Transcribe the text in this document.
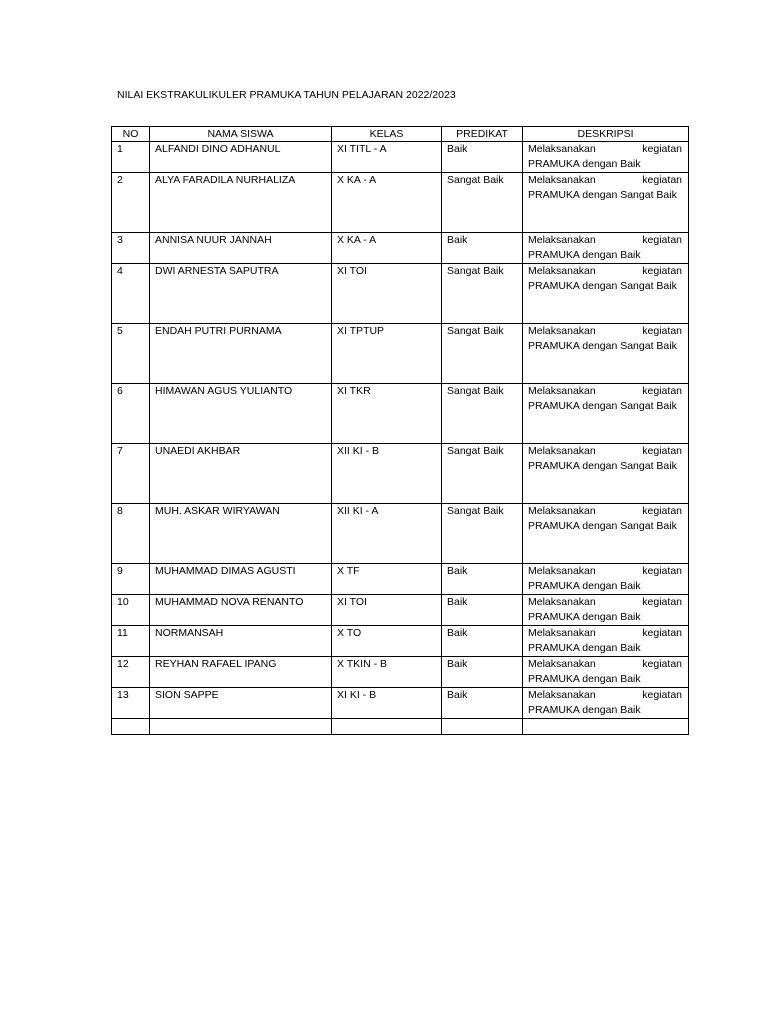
NILAI EKSTRAKULIKULER PRAMUKA TAHUN PELAJARAN 2022/2023
NO	NAMA SISWA	KELAS	PREDIKAT	DESKRIPSI
1	ALFANDI DINO ADHANUL	XI TITL - A	Baik	Melaksanakan kegiatan PRAMUKA dengan Baik
2	ALYA FARADILA NURHALIZA	X KA - A	Sangat Baik	Melaksanakan kegiatan PRAMUKA dengan Sangat Baik
3	ANNISA NUUR JANNAH	X KA - A	Baik	Melaksanakan kegiatan PRAMUKA dengan Baik
4	DWI ARNESTA SAPUTRA	XI TOI	Sangat Baik	Melaksanakan kegiatan PRAMUKA dengan Sangat Baik
5	ENDAH PUTRI PURNAMA	XI TPTUP	Sangat Baik	Melaksanakan kegiatan PRAMUKA dengan Sangat Baik
6	HIMAWAN AGUS YULIANTO	XI TKR	Sangat Baik	Melaksanakan kegiatan PRAMUKA dengan Sangat Baik
7	UNAEDI AKHBAR	XII KI - B	Sangat Baik	Melaksanakan kegiatan PRAMUKA dengan Sangat Baik
8	MUH. ASKAR WIRYAWAN	XII KI - A	Sangat Baik	Melaksanakan kegiatan PRAMUKA dengan Sangat Baik
9	MUHAMMAD DIMAS AGUSTI	X TF	Baik	Melaksanakan kegiatan PRAMUKA dengan Baik
10	MUHAMMAD NOVA RENANTO	XI TOI	Baik	Melaksanakan kegiatan PRAMUKA dengan Baik
11	NORMANSAH	X TO	Baik	Melaksanakan kegiatan PRAMUKA dengan Baik
12	REYHAN RAFAEL IPANG	X TKIN - B	Baik	Melaksanakan kegiatan PRAMUKA dengan Baik
13	SION SAPPE	XI KI - B	Baik	Melaksanakan kegiatan PRAMUKA dengan Baik
